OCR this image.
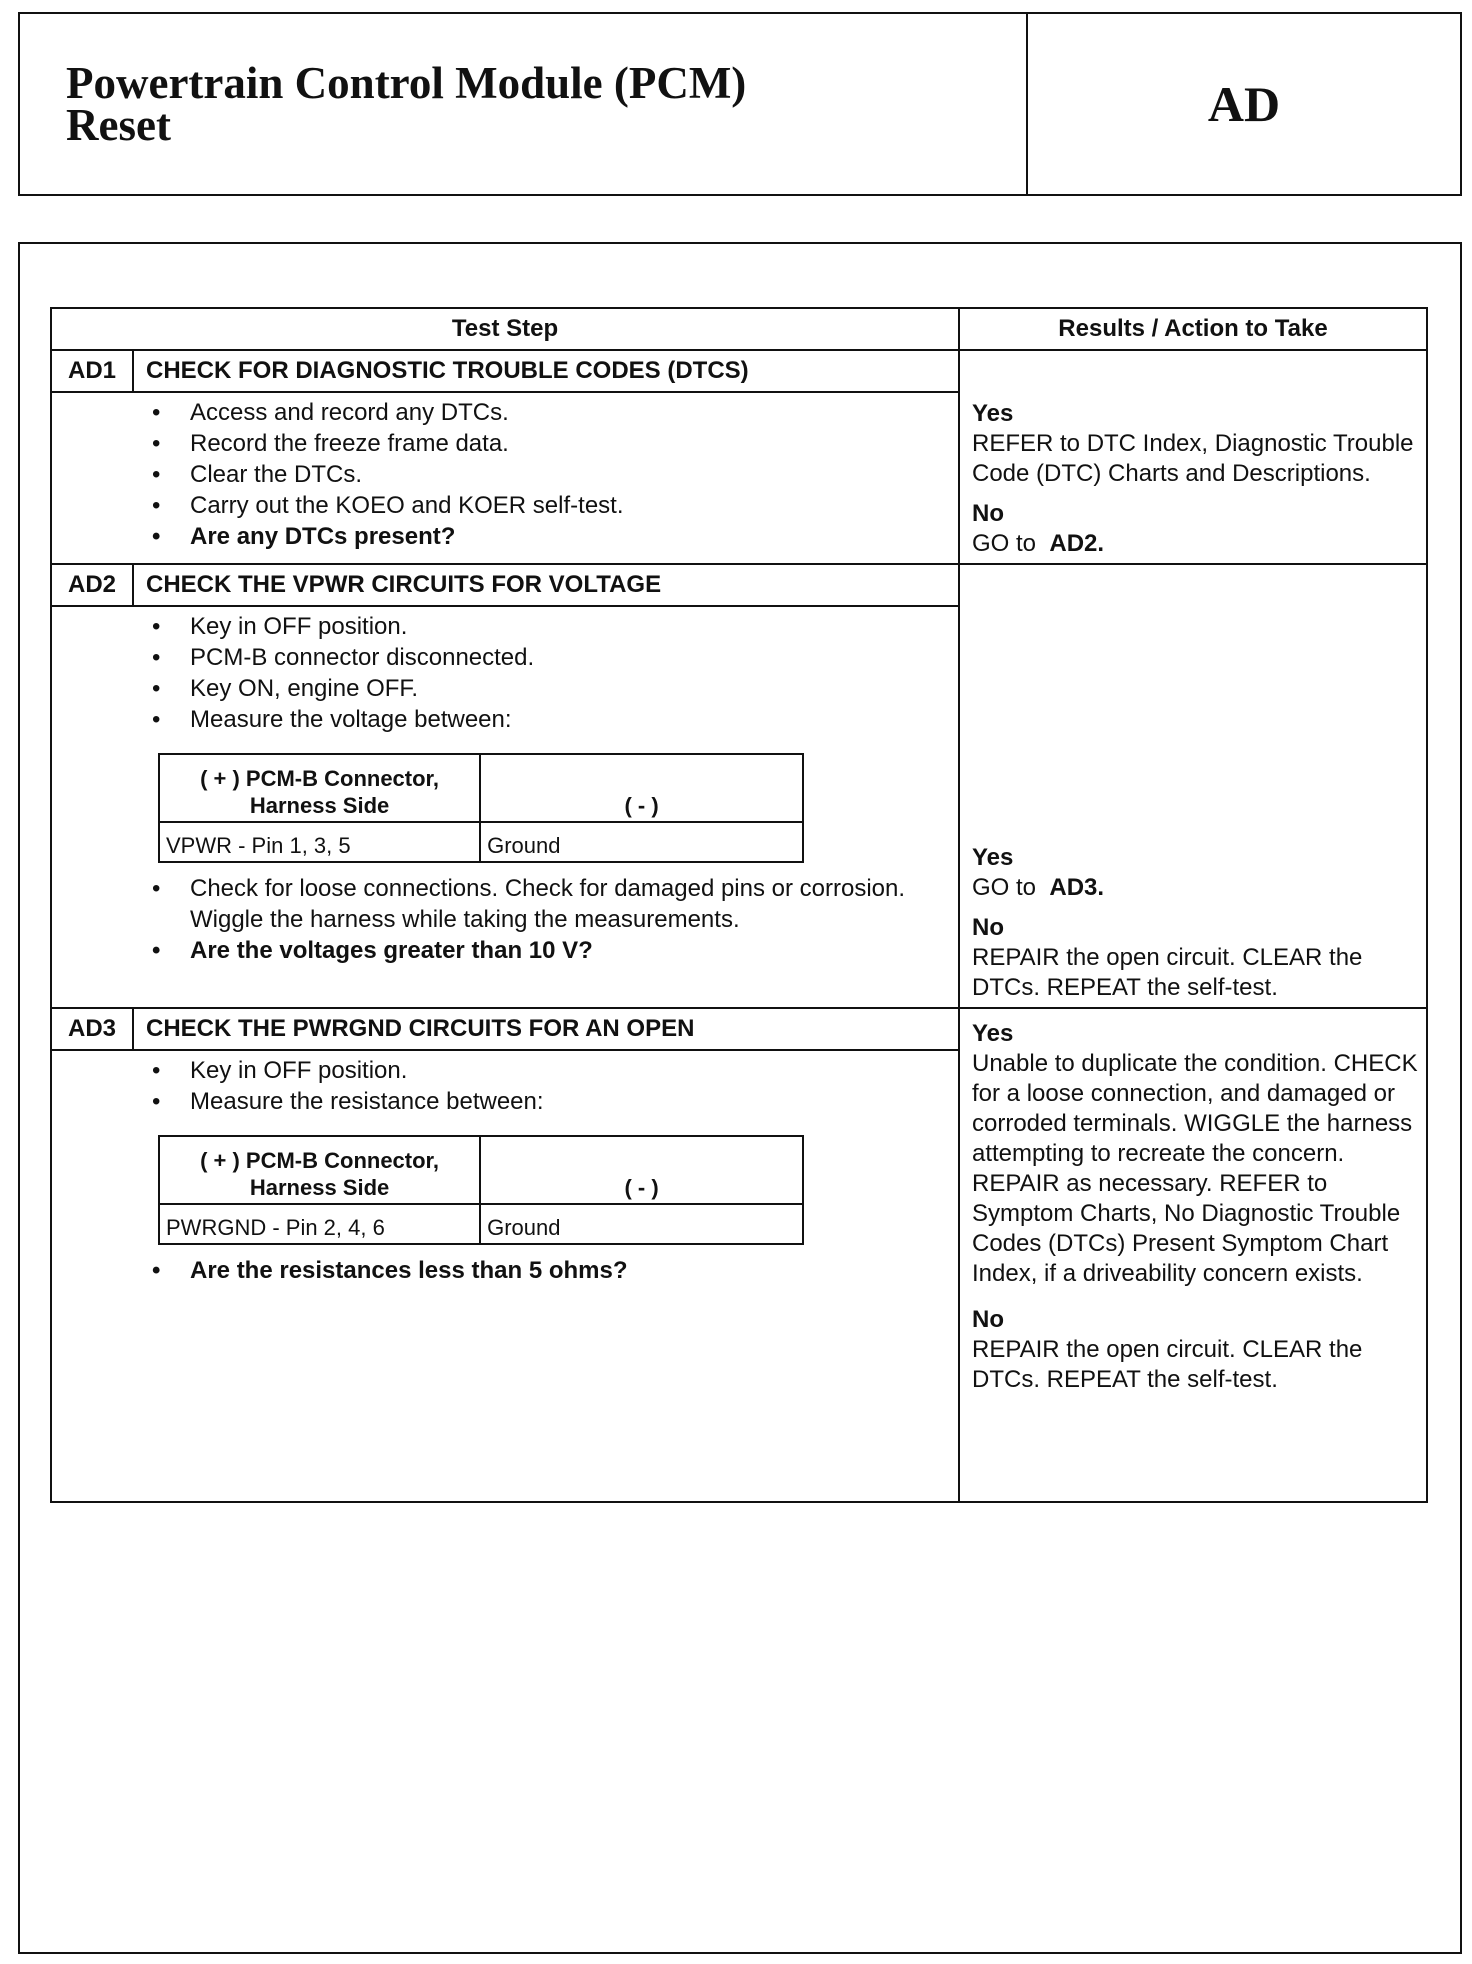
Powertrain Control Module (PCM)
Reset	AD
Test Step	Results / Action to Take
AD1	CHECK FOR DIAGNOSTIC TROUBLE CODES (DTCS)	
Yes
REFER to DTC Index, Diagnostic Trouble Code (DTC) Charts and Descriptions.
No
GO to AD2.

• Access and record any DTCs.
• Record the freeze frame data.
• Clear the DTCs.
• Carry out the KOEO and KOER self-test.
• Are any DTCs present?

AD2	CHECK THE VPWR CIRCUITS FOR VOLTAGE	
Yes
GO to AD3.
No
REPAIR the open circuit. CLEAR the DTCs. REPEAT the self-test.

• Key in OFF position.
• PCM-B connector disconnected.
• Key ON, engine OFF.
• Measure the voltage between:
( + ) PCM-B Connector, Harness Side	( - )
VPWR - Pin 1, 3, 5	Ground
• Check for loose connections. Check for damaged pins or corrosion. Wiggle the harness while taking the measurements.
• Are the voltages greater than 10 V?

AD3	CHECK THE PWRGND CIRCUITS FOR AN OPEN	Yes
Unable to duplicate the condition. CHECK for a loose connection, and damaged or corroded terminals. WIGGLE the harness attempting to recreate the concern. REPAIR as necessary. REFER to Symptom Charts, No Diagnostic Trouble Codes (DTCs) Present Symptom Chart Index, if a driveability concern exists.
No
REPAIR the open circuit. CLEAR the DTCs. REPEAT the self-test.

• Key in OFF position.
• Measure the resistance between:
( + ) PCM-B Connector, Harness Side	( - )
PWRGND - Pin 2, 4, 6	Ground
• Are the resistances less than 5 ohms?
